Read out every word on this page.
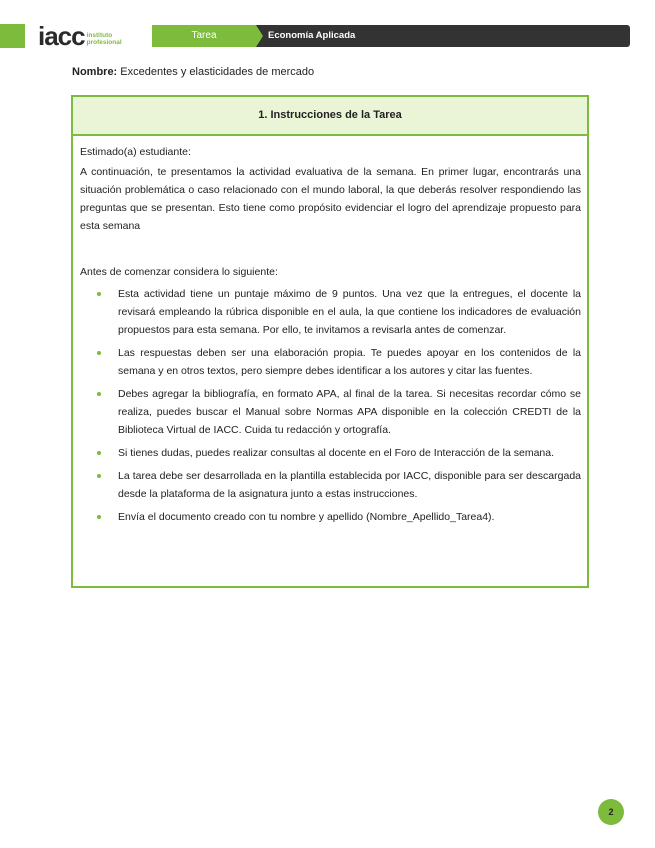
iacc instituto
profesional
Tarea	Economía Aplicada
Nombre: Excedentes y elasticidades de mercado
1. Instrucciones de la Tarea

Estimado(a) estudiante:

A continuación, te presentamos la actividad evaluativa de la semana. En primer lugar, encontrarás una situación problemática o caso relacionado con el mundo laboral, la que deberás resolver respondiendo las preguntas que se presentan. Esto tiene como propósito evidenciar el logro del aprendizaje propuesto para esta semana

Antes de comenzar considera lo siguiente:

Esta actividad tiene un puntaje máximo de 9 puntos. Una vez que la entregues, el docente la revisará empleando la rúbrica disponible en el aula, la que contiene los indicadores de evaluación propuestos para esta semana. Por ello, te invitamos a revisarla antes de comenzar.
Las respuestas deben ser una elaboración propia. Te puedes apoyar en los contenidos de la semana y en otros textos, pero siempre debes identificar a los autores y citar las fuentes.
Debes agregar la bibliografía, en formato APA, al final de la tarea. Si necesitas recordar cómo se realiza, puedes buscar el Manual sobre Normas APA disponible en la colección CREDTI de la Biblioteca Virtual de IACC. Cuida tu redacción y ortografía.
Si tienes dudas, puedes realizar consultas al docente en el Foro de Interacción de la semana.
La tarea debe ser desarrollada en la plantilla establecida por IACC, disponible para ser descargada desde la plataforma de la asignatura junto a estas instrucciones.
Envía el documento creado con tu nombre y apellido (Nombre_Apellido_Tarea4).
2
